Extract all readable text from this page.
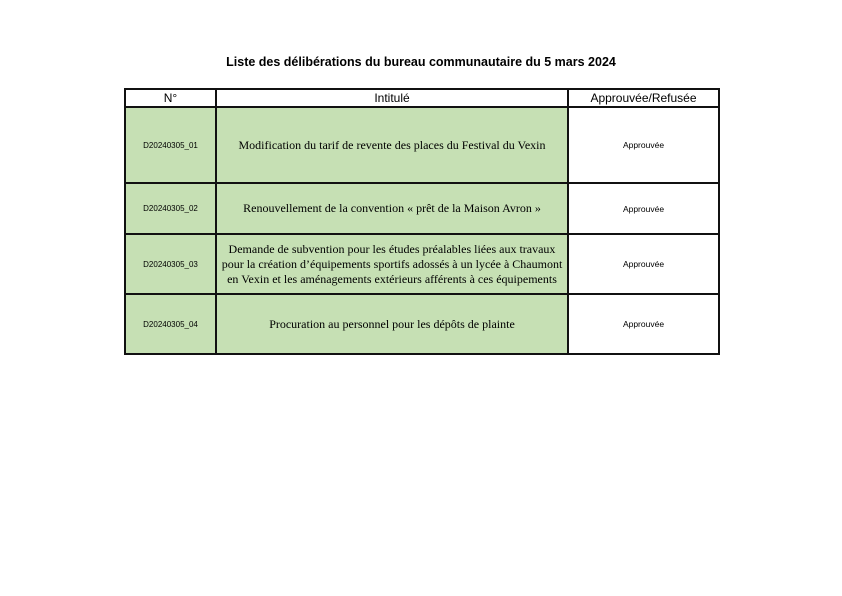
Liste des délibérations du bureau communautaire du 5 mars 2024
N°	Intitulé	Approuvée/Refusée
D20240305_01	Modification du tarif de revente des places du Festival du Vexin	Approuvée
D20240305_02	Renouvellement de la convention « prêt de la Maison Avron »	Approuvée
D20240305_03	Demande de subvention pour les études préalables liées aux travaux pour la création d’équipements sportifs adossés à un lycée à Chaumont en Vexin et les aménagements extérieurs afférents à ces équipements	Approuvée
D20240305_04	Procuration au personnel pour les dépôts de plainte	Approuvée
